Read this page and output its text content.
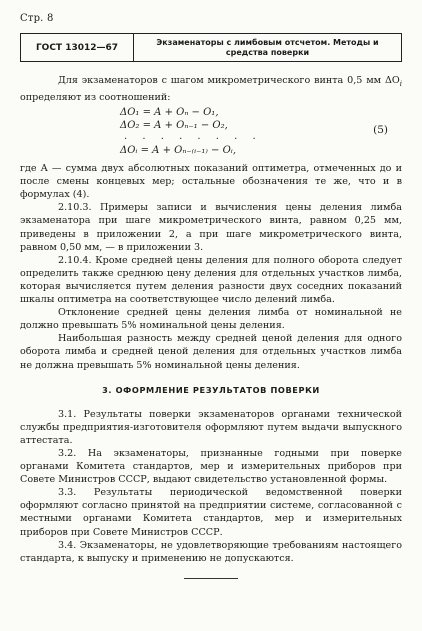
Стр. 8
ГОСТ 13012—67
Экзаменаторы с лимбовым отсчетом. Методы и средства поверки

Для экзаменаторов с шагом микрометрического винта 0,5 мм $\Delta O_i$ определяют из соотношений:

ΔO₁ = A + Oₙ − O₁,
ΔO₂ = A + Oₙ₋₁ − O₂,
. . . . . . . .
ΔOᵢ = A + Oₙ₋₍ᵢ₋₁₎ − Oᵢ,
(5)

где A — сумма двух абсолютных показаний оптиметра, отмеченных до и после смены концевых мер; остальные обозначения те же, что и в формулах (4).

2.10.3. Примеры записи и вычисления цены деления лимба экзаменатора при шаге микрометрического винта, равном 0,25 мм, приведены в приложении 2, а при шаге микрометрического винта, равном 0,50 мм, — в приложении 3.

2.10.4. Кроме средней цены деления для полного оборота следует определить также среднюю цену деления для отдельных участков лимба, которая вычисляется путем деления разности двух соседних показаний шкалы оптиметра на соответствующее число делений лимба.

Отклонение средней цены деления лимба от номинальной не должно превышать 5% номинальной цены деления.

Наибольшая разность между средней ценой деления для одного оборота лимба и средней ценой деления для отдельных участков лимба не должна превышать 5% номинальной цены деления.

3. ОФОРМЛЕНИЕ РЕЗУЛЬТАТОВ ПОВЕРКИ

3.1. Результаты поверки экзаменаторов органами технической службы предприятия-изготовителя оформляют путем выдачи выпускного аттестата.

3.2. На экзаменаторы, признанные годными при поверке органами Комитета стандартов, мер и измерительных приборов при Совете Министров СССР, выдают свидетельство установленной формы.

3.3. Результаты периодической ведомственной поверки оформляют согласно принятой на предприятии системе, согласованной с местными органами Комитета стандартов, мер и измерительных приборов при Совете Министров СССР.

3.4. Экзаменаторы, не удовлетворяющие требованиям настоящего стандарта, к выпуску и применению не допускаются.
